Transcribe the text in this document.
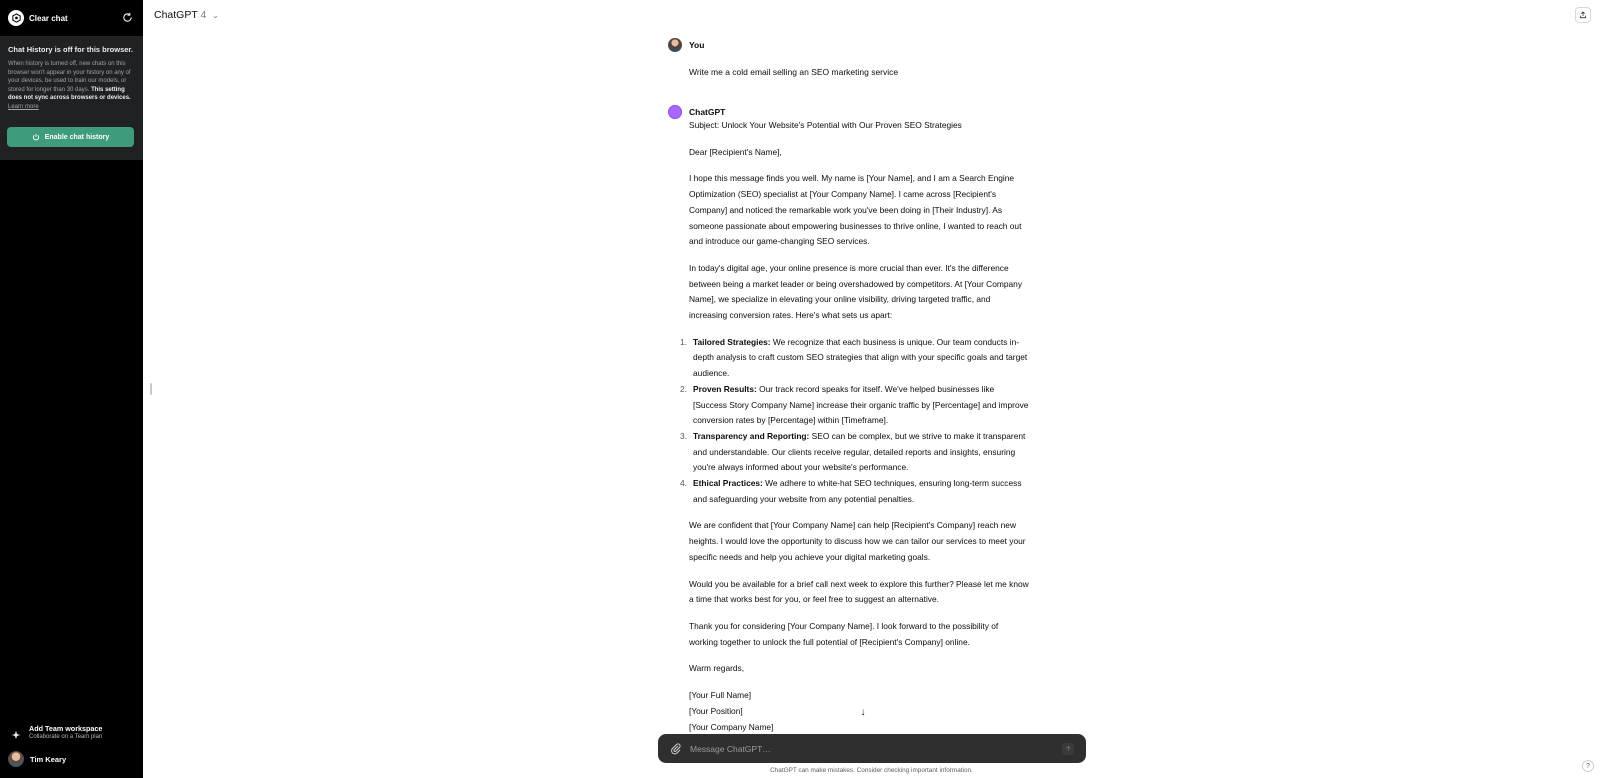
Clear chat
Chat History is off for this browser.
When history is turned off, new chats on this browser won't appear in your history on any of your devices, be used to train our models, or stored for longer than 30 days. This setting does not sync across browsers or devices. Learn more
Enable chat history
Add Team workspace
Collaborate on a Team plan
Tim Keary
ChatGPT 4 ⌄
You
Write me a cold email selling an SEO marketing service
ChatGPT

Subject: Unlock Your Website's Potential with Our Proven SEO Strategies

Dear [Recipient's Name],

I hope this message finds you well. My name is [Your Name], and I am a Search Engine Optimization (SEO) specialist at [Your Company Name]. I came across [Recipient's Company] and noticed the remarkable work you've been doing in [Their Industry]. As someone passionate about empowering businesses to thrive online, I wanted to reach out and introduce our game-changing SEO services.

In today's digital age, your online presence is more crucial than ever. It's the difference between being a market leader or being overshadowed by competitors. At [Your Company Name], we specialize in elevating your online visibility, driving targeted traffic, and increasing conversion rates. Here's what sets us apart:

1. Tailored Strategies: We recognize that each business is unique. Our team conducts in-depth analysis to craft custom SEO strategies that align with your specific goals and target audience.
2. Proven Results: Our track record speaks for itself. We've helped businesses like [Success Story Company Name] increase their organic traffic by [Percentage] and improve conversion rates by [Percentage] within [Timeframe].
3. Transparency and Reporting: SEO can be complex, but we strive to make it transparent and understandable. Our clients receive regular, detailed reports and insights, ensuring you're always informed about your website's performance.
4. Ethical Practices: We adhere to white-hat SEO techniques, ensuring long-term success and safeguarding your website from any potential penalties.

We are confident that [Your Company Name] can help [Recipient's Company] reach new heights. I would love the opportunity to discuss how we can tailor our services to meet your specific needs and help you achieve your digital marketing goals.

Would you be available for a brief call next week to explore this further? Please let me know a time that works best for you, or feel free to suggest an alternative.

Thank you for considering [Your Company Name]. I look forward to the possibility of working together to unlock the full potential of [Recipient's Company] online.

Warm regards,

[Your Full Name]

[Your Position]

[Your Company Name]

↓
Message ChatGPT…
ChatGPT can make mistakes. Consider checking important information.
?
